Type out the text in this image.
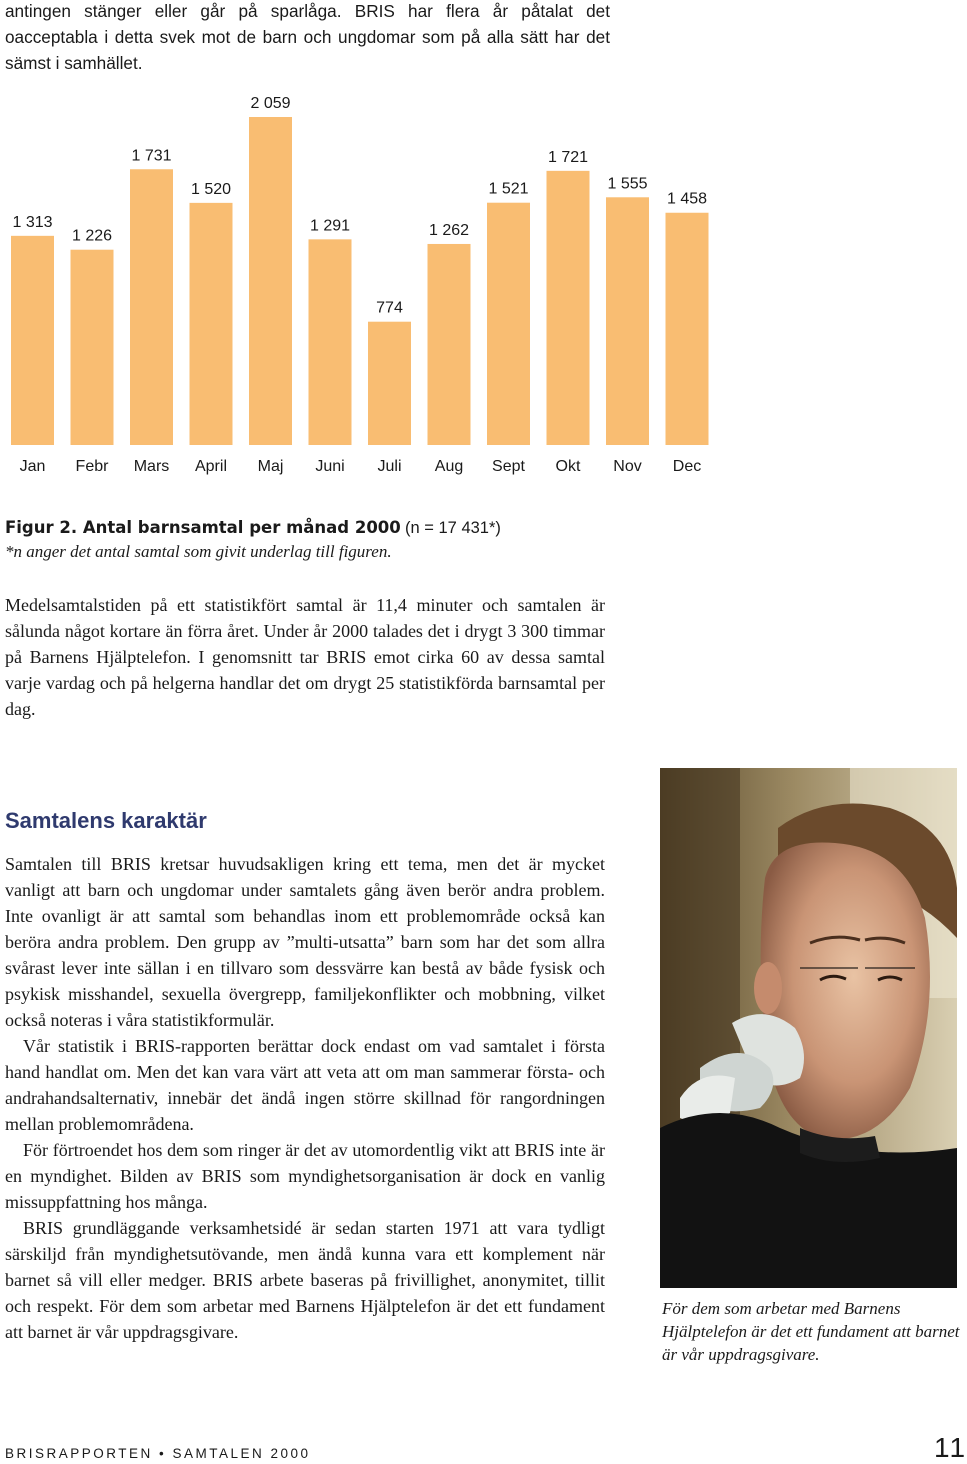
antingen stänger eller går på sparlåga. BRIS har flera år påtalat det oacceptabla i detta svek mot de barn och ungdomar som på alla sätt har det sämst i samhället.

1 313
1 226
1 731
1 520
2 059
1 291
774
1 262
1 521
1 721
1 555
1 458
Jan Febr Mars April Maj Juni Juli Aug Sept Okt Nov Dec
Figur 2. Antal barnsamtal per månad 2000 (n = 17 431*)
*n anger det antal samtal som givit underlag till figuren.

Medelsamtalstiden på ett statistikfört samtal är 11,4 minuter och samtalen är sålunda något kortare än förra året. Under år 2000 talades det i drygt 3 300 timmar på Barnens Hjälptelefon. I genomsnitt tar BRIS emot cirka 60 av dessa samtal varje vardag och på helgerna handlar det om drygt 25 statistikförda barnsamtal per dag.

Samtalens karaktär

Samtalen till BRIS kretsar huvudsakligen kring ett tema, men det är mycket vanligt att barn och ungdomar under samtalets gång även berör andra problem. Inte ovanligt är att samtal som behandlas inom ett problemområde också kan beröra andra problem. Den grupp av ”multi-utsatta” barn som har det som allra svårast lever inte sällan i en tillvaro som dessvärre kan bestå av både fysisk och psykisk misshandel, sexuella övergrepp, familjekonflikter och mobbning, vilket också noteras i våra statistikformulär.

Vår statistik i BRIS-rapporten berättar dock endast om vad samtalet i första hand handlat om. Men det kan vara värt att veta att om man sammerar första- och andrahandsalternativ, innebär det ändå ingen större skillnad för rangordningen mellan problemområdena.

För förtroendet hos dem som ringer är det av utomordentlig vikt att BRIS inte är en myndighet. Bilden av BRIS som myndighetsorganisation är dock en vanlig missuppfattning hos många.

BRIS grundläggande verksamhetsidé är sedan starten 1971 att vara tydligt särskiljd från myndighetsutövande, men ändå kunna vara ett komplement när barnet så vill eller medger. BRIS arbete baseras på frivillighet, anonymitet, tillit och respekt. För dem som arbetar med Barnens Hjälptelefon är det ett fundament att barnet är vår uppdragsgivare.

För dem som arbetar med Barnens Hjälptelefon är det ett fundament att barnet är vår uppdragsgivare.

BRISRAPPORTEN • SAMTALEN 2000	11
